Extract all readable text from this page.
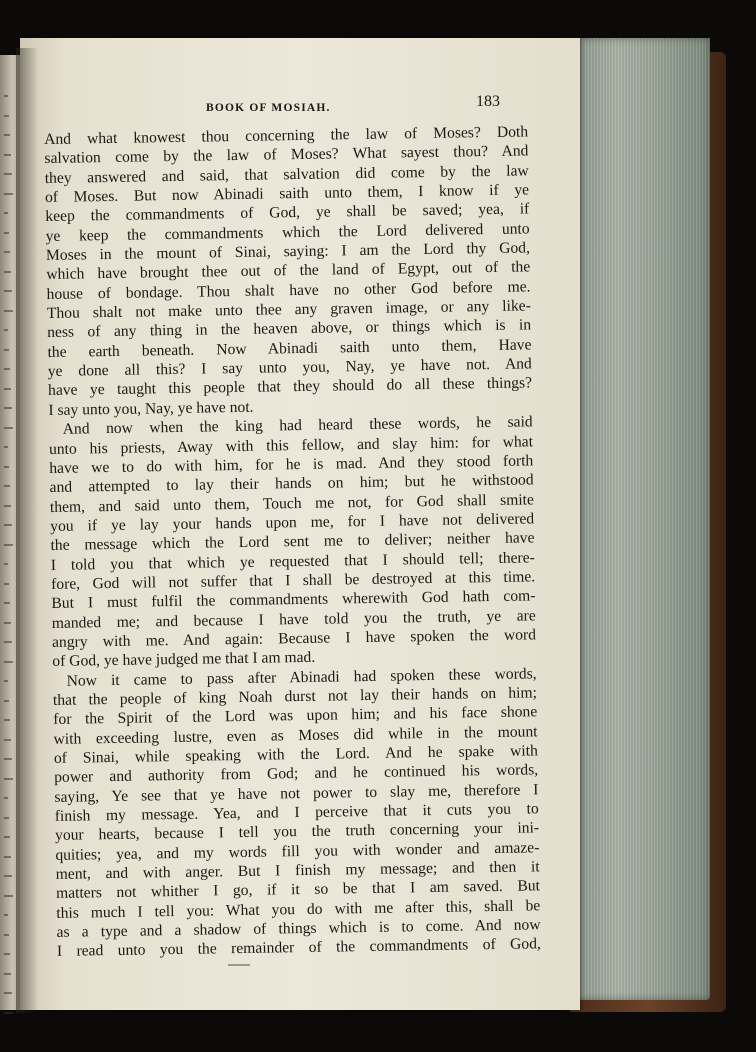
BOOK OF MOSIAH.	183
And what knowest thou concerning the law of Moses? Doth
salvation come by the law of Moses? What sayest thou? And
they answered and said, that salvation did come by the law
of Moses. But now Abinadi saith unto them, I know if ye
keep the commandments of God, ye shall be saved; yea, if
ye keep the commandments which the Lord delivered unto
Moses in the mount of Sinai, saying: I am the Lord thy God,
which have brought thee out of the land of Egypt, out of the
house of bondage. Thou shalt have no other God before me.
Thou shalt not make unto thee any graven image, or any like-
ness of any thing in the heaven above, or things which is in
the earth beneath. Now Abinadi saith unto them, Have
ye done all this? I say unto you, Nay, ye have not. And
have ye taught this people that they should do all these things?
I say unto you, Nay, ye have not.
And now when the king had heard these words, he said
unto his priests, Away with this fellow, and slay him: for what
have we to do with him, for he is mad. And they stood forth
and attempted to lay their hands on him; but he withstood
them, and said unto them, Touch me not, for God shall smite
you if ye lay your hands upon me, for I have not delivered
the message which the Lord sent me to deliver; neither have
I told you that which ye requested that I should tell; there-
fore, God will not suffer that I shall be destroyed at this time.
But I must fulfil the commandments wherewith God hath com-
manded me; and because I have told you the truth, ye are
angry with me. And again: Because I have spoken the word
of God, ye have judged me that I am mad.
Now it came to pass after Abinadi had spoken these words,
that the people of king Noah durst not lay their hands on him;
for the Spirit of the Lord was upon him; and his face shone
with exceeding lustre, even as Moses did while in the mount
of Sinai, while speaking with the Lord. And he spake with
power and authority from God; and he continued his words,
saying, Ye see that ye have not power to slay me, therefore I
finish my message. Yea, and I perceive that it cuts you to
your hearts, because I tell you the truth concerning your ini-
quities; yea, and my words fill you with wonder and amaze-
ment, and with anger. But I finish my message; and then it
matters not whither I go, if it so be that I am saved. But
this much I tell you: What you do with me after this, shall be
as a type and a shadow of things which is to come. And now
I read unto you the remainder of the commandments of God,
